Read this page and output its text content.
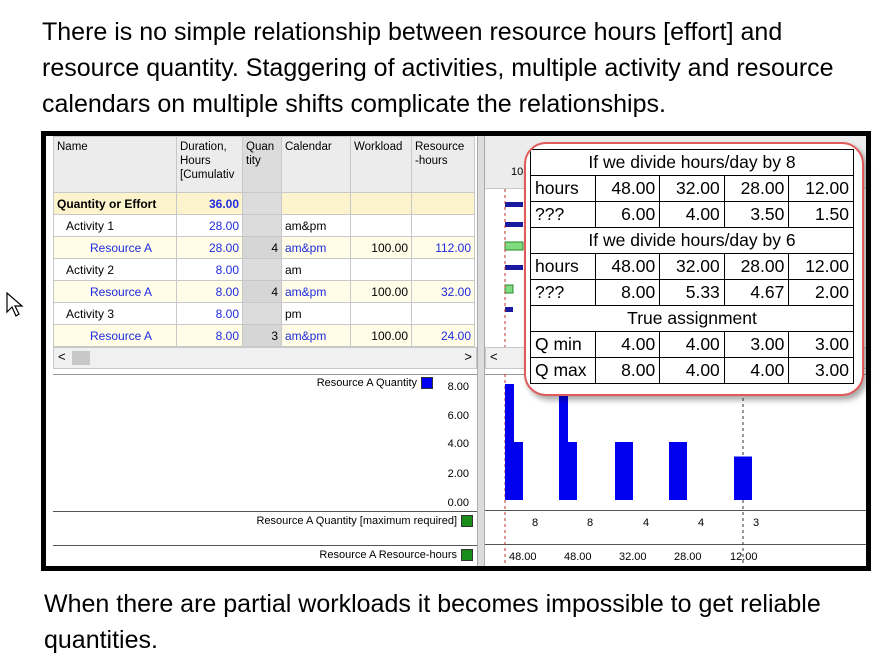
There is no simple relationship between resource hours [effort] and resource quantity. Staggering of activities, multiple activity and resource calendars on multiple shifts complicate the relationships.
Name	Duration, Hours [Cumulativ	Quan tity	Calendar	Workload	Resource -hours
Quantity or Effort	36.00				
Activity 1	28.00		am&pm		
Resource A	28.00	4	am&pm	100.00	112.00
Activity 2	8.00		am		
Resource A	8.00	4	am&pm	100.00	32.00
Activity 3	8.00		pm		
Resource A	8.00	3	am&pm	100.00	24.00
<	>
10
<
Resource A Quantity	8.00
6.00
4.00
2.00
0.00
Resource A Quantity [maximum required]
Resource A Resource-hours
8	8	4	4	3
48.00 48.00 32.00 28.00	12.00
If we divide hours/day by 8				
hours	48.00	32.00	28.00	12.00
???	6.00	4.00	3.50	1.50
If we divide hours/day by 6				
hours	48.00	32.00	28.00	12.00
???	8.00	5.33	4.67	2.00
True assignment				
Q min	4.00	4.00	3.00	3.00
Q max	8.00	4.00	4.00	3.00
When there are partial workloads it becomes impossible to get reliable quantities.
